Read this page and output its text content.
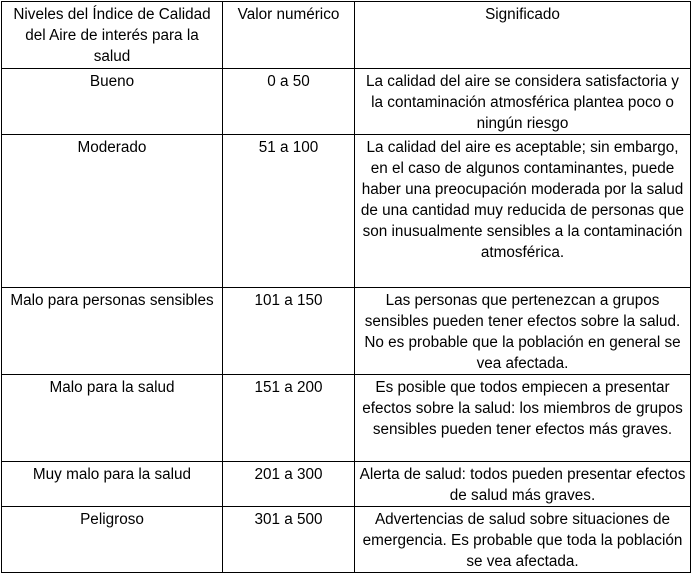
Niveles del Índice de Calidad del Aire de interés para la salud	Valor numérico	Significado
Bueno	0 a 50	La calidad del aire se considera satisfactoria y la contaminación atmosférica plantea poco o ningún riesgo
Moderado	51 a 100	La calidad del aire es aceptable; sin embargo, en el caso de algunos contaminantes, puede haber una preocupación moderada por la salud de una cantidad muy reducida de personas que son inusualmente sensibles a la contaminación atmosférica.
Malo para personas sensibles	101 a 150	Las personas que pertenezcan a grupos sensibles pueden tener efectos sobre la salud. No es probable que la población en general se vea afectada.
Malo para la salud	151 a 200	Es posible que todos empiecen a presentar efectos sobre la salud: los miembros de grupos sensibles pueden tener efectos más graves.
Muy malo para la salud	201 a 300	Alerta de salud: todos pueden presentar efectos de salud más graves.
Peligroso	301 a 500	Advertencias de salud sobre situaciones de emergencia. Es probable que toda la población se vea afectada.
